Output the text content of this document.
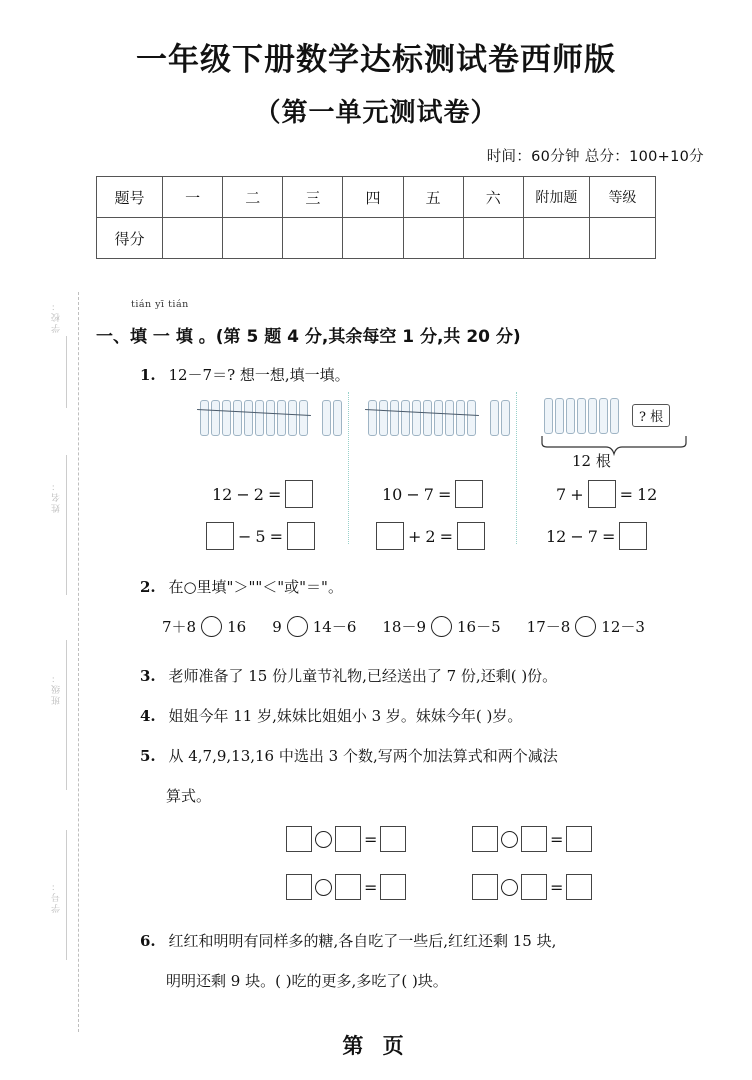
学校：
姓名：
班级：
学号：
一年级下册数学达标测试卷西师版
（第一单元测试卷）
时间：60分钟 总分：100+10分
题号	一	二	三	四	五	六	附加题	等级
得分								
tián yī tián
一、填 一 填 。(第 5 题 4 分,其余每空 1 分,共 20 分)
1. 12－7＝? 想一想,填一填。
? 根
12 根
12 − 2 =
− 5 =
10 − 7 =
+ 2 =
7 + = 12
12 − 7 =
2. 在○里填"＞""＜"或"＝"。
7＋8 16 9 14－6 18－9 16－5 17－8 12－3
3. 老师准备了 15 份儿童节礼物,已经送出了 7 份,还剩( )份。
4. 姐姐今年 11 岁,妹妹比姐姐小 3 岁。妹妹今年( )岁。
5. 从 4,7,9,13,16 中选出 3 个数,写两个加法算式和两个减法
算式。
=	=
=	=
6. 红红和明明有同样多的糖,各自吃了一些后,红红还剩 15 块,
明明还剩 9 块。( )吃的更多,多吃了( )块。
第 页
